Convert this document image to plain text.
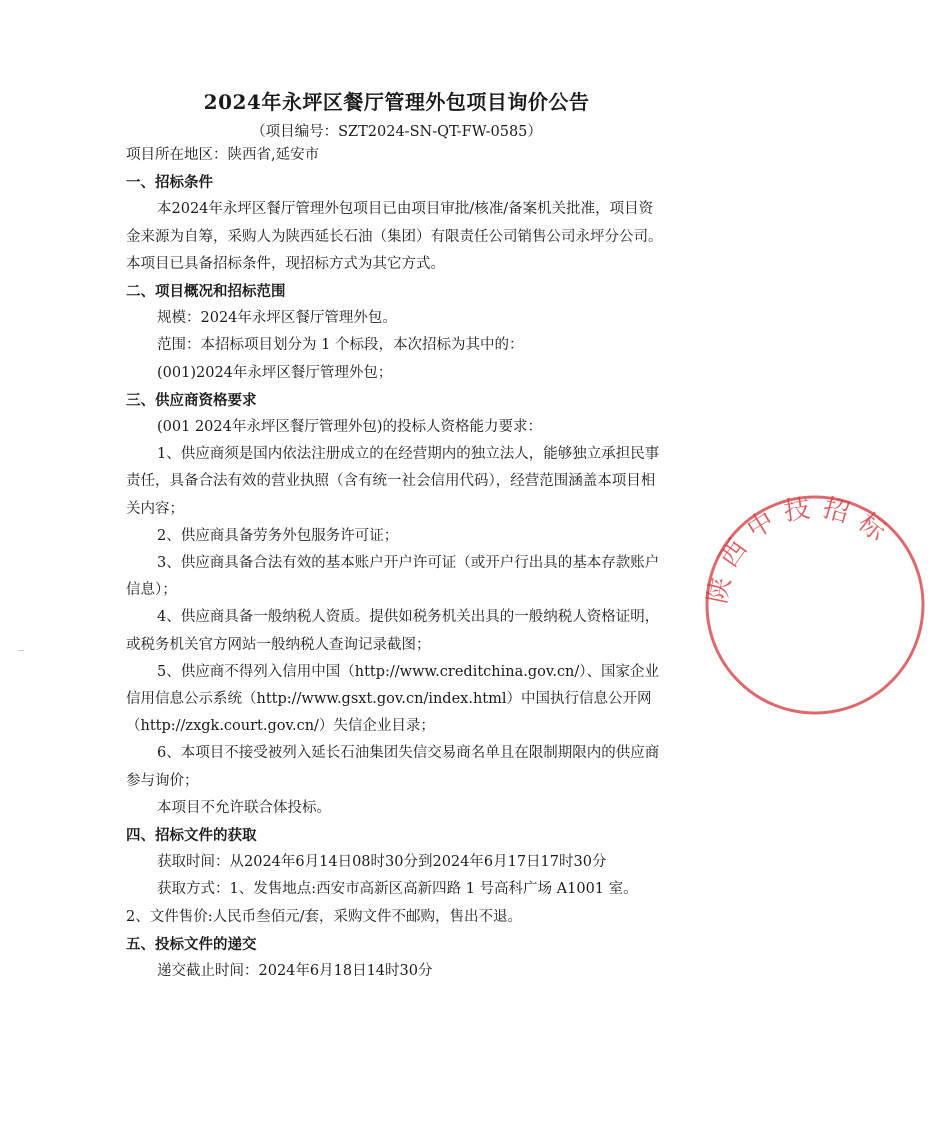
2024年永坪区餐厅管理外包项目询价公告
（项目编号：SZT2024-SN-QT-FW-0585）

项目所在地区：陕西省,延安市

一、招标条件

本2024年永坪区餐厅管理外包项目已由项目审批/核准/备案机关批准，项目资金来源为自筹，采购人为陕西延长石油（集团）有限责任公司销售公司永坪分公司。本项目已具备招标条件，现招标方式为其它方式。

二、项目概况和招标范围

规模：2024年永坪区餐厅管理外包。

范围：本招标项目划分为 1 个标段，本次招标为其中的：

(001)2024年永坪区餐厅管理外包；

三、供应商资格要求

(001 2024年永坪区餐厅管理外包)的投标人资格能力要求：

1、供应商须是国内依法注册成立的在经营期内的独立法人，能够独立承担民事责任，具备合法有效的营业执照（含有统一社会信用代码），经营范围涵盖本项目相关内容；

2、供应商具备劳务外包服务许可证；

3、供应商具备合法有效的基本账户开户许可证（或开户行出具的基本存款账户信息）；

4、供应商具备一般纳税人资质。提供如税务机关出具的一般纳税人资格证明，或税务机关官方网站一般纳税人查询记录截图；

5、供应商不得列入信用中国（http://www.creditchina.gov.cn/）、国家企业信用信息公示系统（http://www.gsxt.gov.cn/index.html）中国执行信息公开网（http://zxgk.court.gov.cn/）失信企业目录；

6、本项目不接受被列入延长石油集团失信交易商名单且在限制期限内的供应商参与询价；

本项目不允许联合体投标。

四、招标文件的获取

获取时间：从2024年6月14日08时30分到2024年6月17日17时30分

获取方式：1、发售地点:西安市高新区高新四路 1 号高科广场 A1001 室。

2、文件售价:人民币叁佰元/套，采购文件不邮购，售出不退。

五、投标文件的递交

递交截止时间：2024年6月18日14时30分

陕西中技招标
